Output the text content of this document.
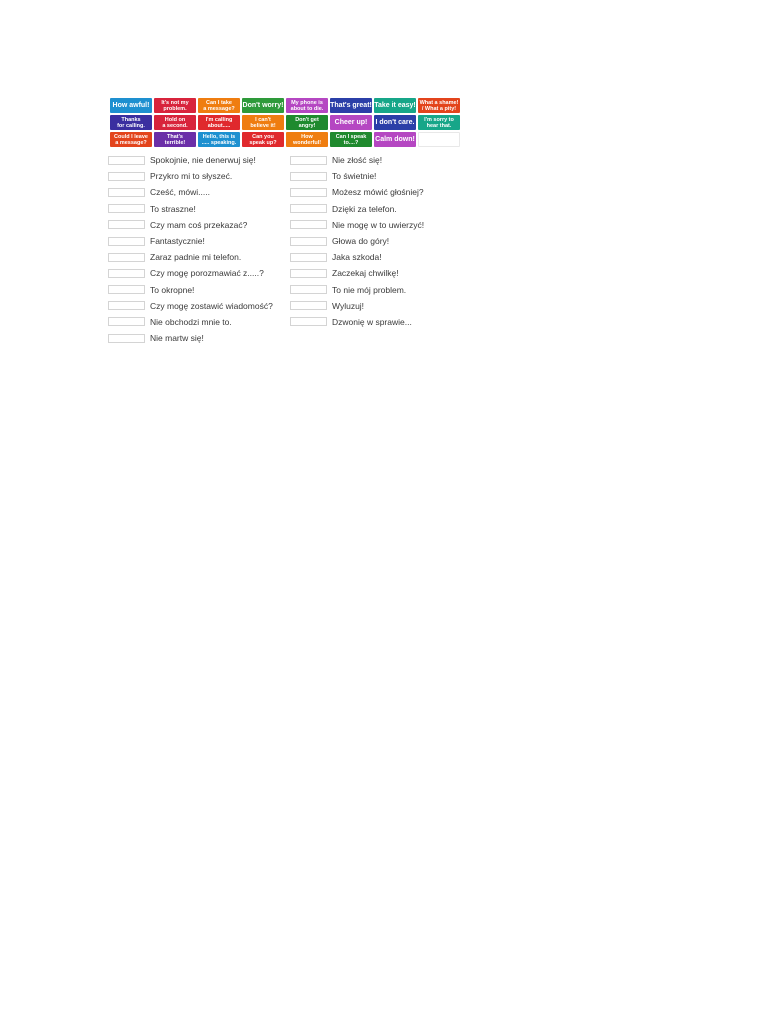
How awful!	It's not my
problem.
Can I take
a message?	Don't worry!	My phone is
about to die. That's great! Take it easy! What a shame!
/ What a pity!
Thanks
for calling.
Hold on
a second.
I'm calling
about.....
I can't
believe it!
Don't get
angry!	Cheer up!	I don't care.	I'm sorry to
hear that.
Could I leave
a message?
That's
terrible!
Hello, this is
..... speaking.
Can you
speak up?
How
wonderful!
Can I speak
to....?	Calm down!
Spokojnie, nie denerwuj się!
Przykro mi to słyszeć.
Cześć, mówi.....
To straszne!
Czy mam coś przekazać?
Fantastycznie!
Zaraz padnie mi telefon.
Czy mogę porozmawiać z.....?
To okropne!
Czy mogę zostawić wiadomość?
Nie obchodzi mnie to.
Nie martw się!
Nie złość się!
To świetnie!
Możesz mówić głośniej?
Dzięki za telefon.
Nie mogę w to uwierzyć!
Głowa do góry!
Jaka szkoda!
Zaczekaj chwilkę!
To nie mój problem.
Wyluzuj!
Dzwonię w sprawie...
